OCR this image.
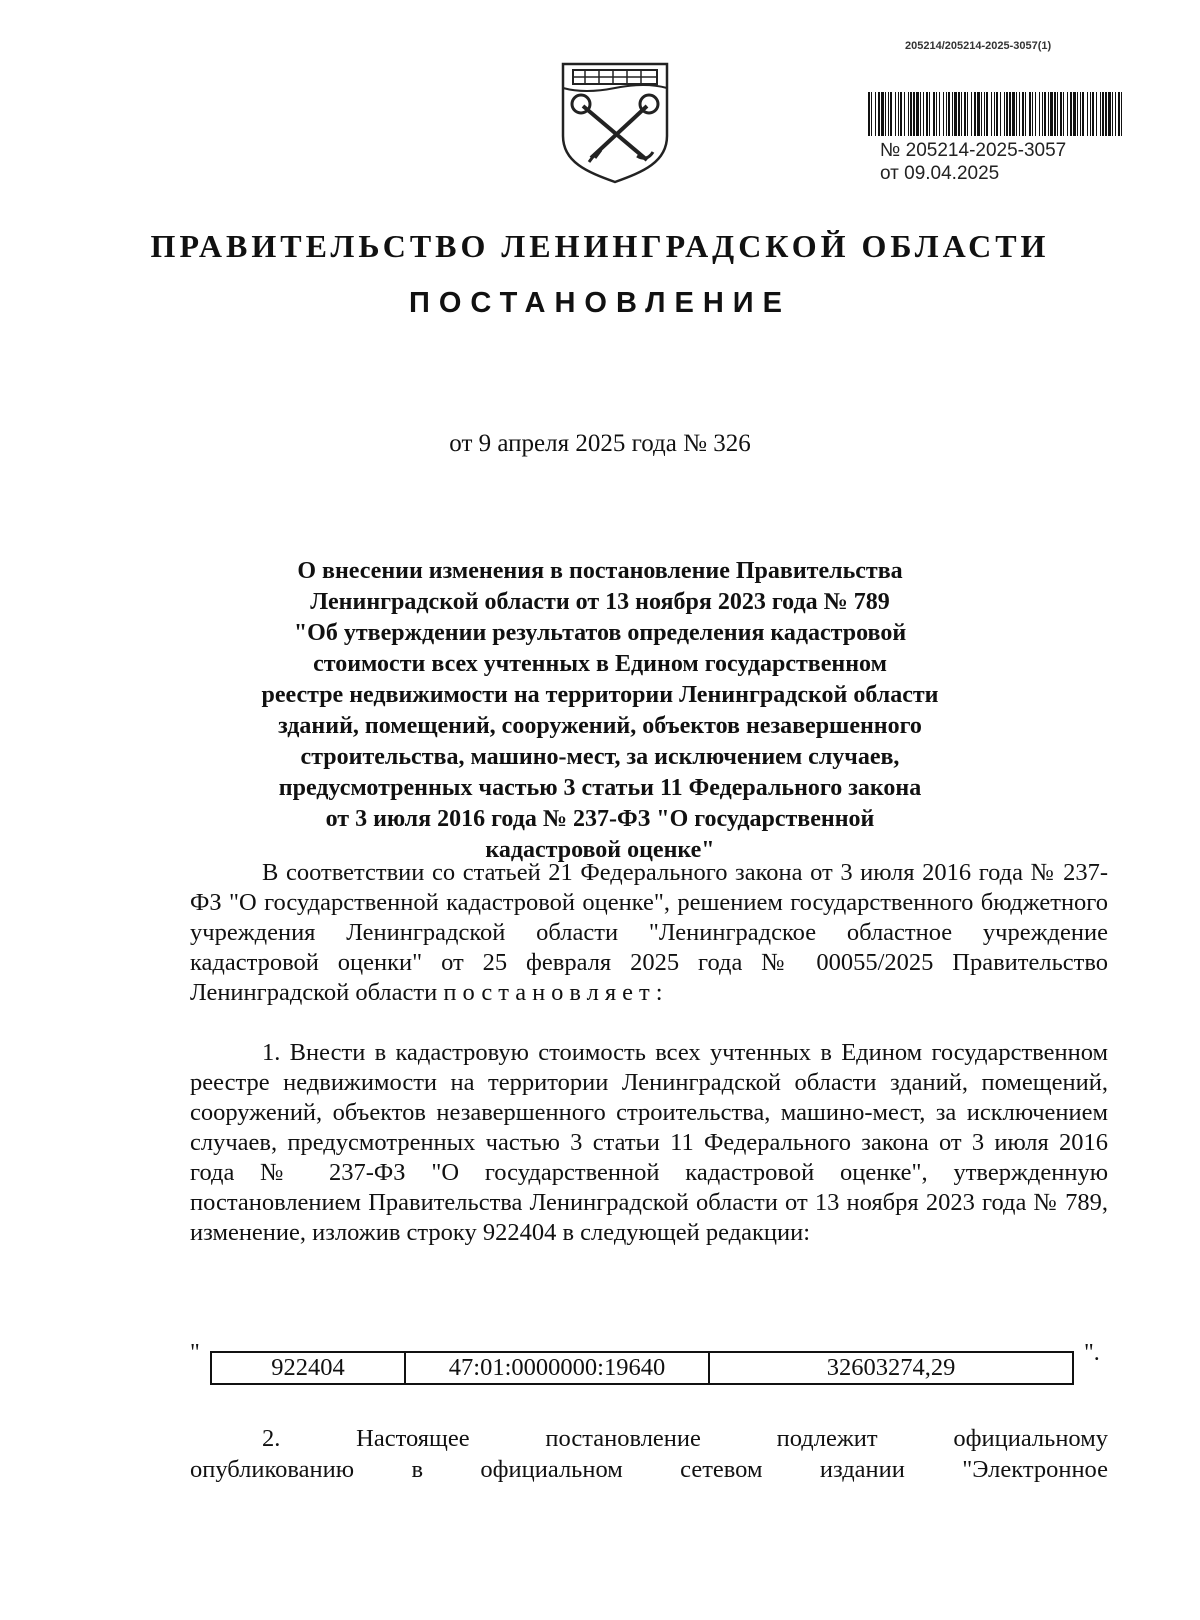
205214/205214-2025-3057(1)
№ 205214-2025-3057
от 09.04.2025
ПРАВИТЕЛЬСТВО ЛЕНИНГРАДСКОЙ ОБЛАСТИ
ПОСТАНОВЛЕНИЕ
от 9 апреля 2025 года № 326
О внесении изменения в постановление Правительства
Ленинградской области от 13 ноября 2023 года № 789
"Об утверждении результатов определения кадастровой
стоимости всех учтенных в Едином государственном
реестре недвижимости на территории Ленинградской области
зданий, помещений, сооружений, объектов незавершенного
строительства, машино-мест, за исключением случаев,
предусмотренных частью 3 статьи 11 Федерального закона
от 3 июля 2016 года № 237-ФЗ "О государственной
кадастровой оценке"

В соответствии со статьей 21 Федерального закона от 3 июля 2016 года № 237-ФЗ "О государственной кадастровой оценке", решением государственного бюджетного учреждения Ленинградской области "Ленинградское областное учреждение кадастровой оценки" от 25 февраля 2025 года № 00055/2025 Правительство Ленинградской области постановляет:

1. Внести в кадастровую стоимость всех учтенных в Едином государственном реестре недвижимости на территории Ленинградской области зданий, помещений, сооружений, объектов незавершенного строительства, машино-мест, за исключением случаев, предусмотренных частью 3 статьи 11 Федерального закона от 3 июля 2016 года № 237-ФЗ "О государственной кадастровой оценке", утвержденную постановлением Правительства Ленинградской области от 13 ноября 2023 года № 789, изменение, изложив строку 922404 в следующей редакции:

"
922404	47:01:0000000:19640	32603274,29
".
2.	Настоящее	постановление	подлежит	официальному
опубликованию в официальном сетевом издании "Электронное
